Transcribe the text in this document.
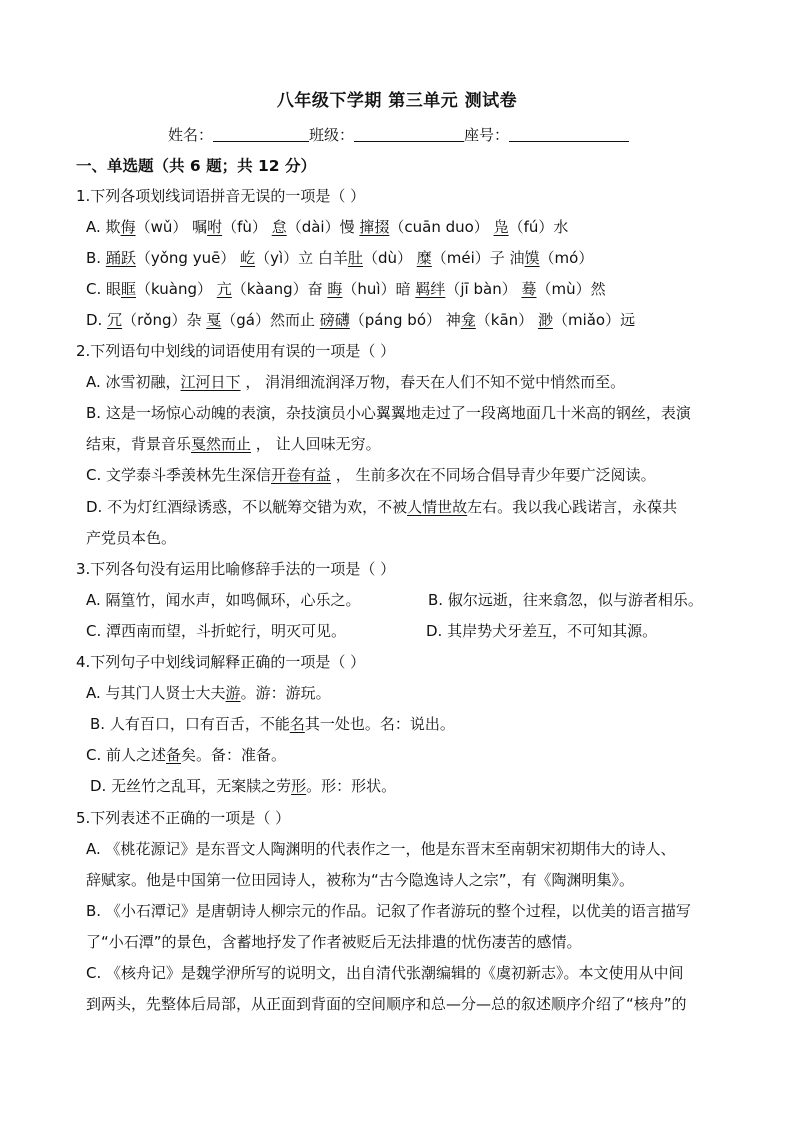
八年级下学期 第三单元 测试卷
姓名：	班级：	座号：
一、单选题（共 6 题；共 12 分）
1.下列各项划线词语拼音无误的一项是（ ）
A. 欺侮（wǔ） 嘱咐（fù） 怠（dài）慢 撺掇（cuān duo） 凫（fú）水
B. 踊跃（yǒng yuē） 屹（yì）立 白羊肚（dù） 糜（méi）子 油馍（mó）
C. 眼眶（kuàng） 亢（kàang）奋 晦（huì）暗 羁绊（jī bàn） 蓦（mù）然
D. 冗（rǒng）杂 戛（gá）然而止 磅礴（páng bó） 神龛（kān） 渺（miǎo）远
2.下列语句中划线的词语使用有误的一项是（ ）
A. 冰雪初融，江河日下 ， 涓涓细流润泽万物，春天在人们不知不觉中悄然而至。
B. 这是一场惊心动魄的表演，杂技演员小心翼翼地走过了一段离地面几十米高的钢丝，表演
结束，背景音乐戛然而止 ， 让人回味无穷。
C. 文学泰斗季羡林先生深信开卷有益 ， 生前多次在不同场合倡导青少年要广泛阅读。
D. 不为灯红酒绿诱惑，不以觥筹交错为欢，不被人情世故左右。我以我心践诺言，永葆共
产党员本色。
3.下列各句没有运用比喻修辞手法的一项是（ ）
A. 隔篁竹，闻水声，如鸣佩环，心乐之。	B. 俶尔远逝，往来翕忽，似与游者相乐。
C. 潭西南而望，斗折蛇行，明灭可见。	D. 其岸势犬牙差互，不可知其源。
4.下列句子中划线词解释正确的一项是（ ）
A. 与其门人贤士大夫游。游：游玩。
B. 人有百口，口有百舌，不能名其一处也。名：说出。
C. 前人之述备矣。备：准备。
D. 无丝竹之乱耳，无案牍之劳形。形：形状。
5.下列表述不正确的一项是（ ）
A. 《桃花源记》是东晋文人陶渊明的代表作之一，他是东晋末至南朝宋初期伟大的诗人、
辞赋家。他是中国第一位田园诗人，被称为“古今隐逸诗人之宗”，有《陶渊明集》。
B. 《小石潭记》是唐朝诗人柳宗元的作品。记叙了作者游玩的整个过程，以优美的语言描写
了“小石潭”的景色，含蓄地抒发了作者被贬后无法排遣的忧伤凄苦的感情。
C. 《核舟记》是魏学洢所写的说明文，出自清代张潮编辑的《虞初新志》。本文使用从中间
到两头，先整体后局部，从正面到背面的空间顺序和总—分—总的叙述顺序介绍了“核舟”的
